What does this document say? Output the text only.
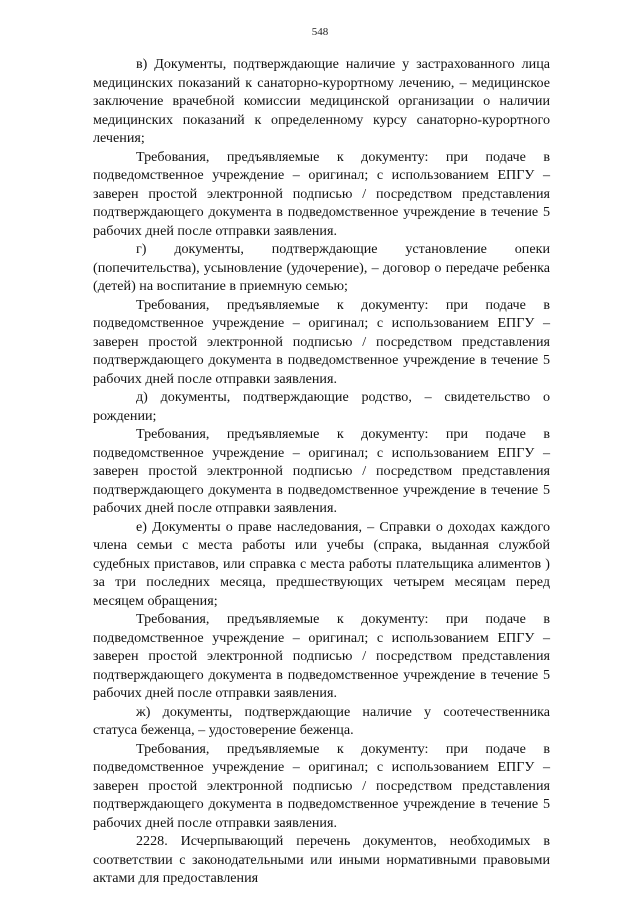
548

в) Документы, подтверждающие наличие у застрахованного лица медицинских показаний к санаторно-курортному лечению, – медицинское заключение врачебной комиссии медицинской организации о наличии медицинских показаний к определенному курсу санаторно-курортного лечения;

Требования, предъявляемые к документу: при подаче в подведомственное учреждение – оригинал; с использованием ЕПГУ – заверен простой электронной подписью / посредством представления подтверждающего документа в подведомственное учреждение в течение 5 рабочих дней после отправки заявления.

г) документы, подтверждающие установление опеки (попечительства), усыновление (удочерение), – договор о передаче ребенка (детей) на воспитание в приемную семью;

Требования, предъявляемые к документу: при подаче в подведомственное учреждение – оригинал; с использованием ЕПГУ – заверен простой электронной подписью / посредством представления подтверждающего документа в подведомственное учреждение в течение 5 рабочих дней после отправки заявления.

д) документы, подтверждающие родство, – свидетельство о рождении;

Требования, предъявляемые к документу: при подаче в подведомственное учреждение – оригинал; с использованием ЕПГУ – заверен простой электронной подписью / посредством представления подтверждающего документа в подведомственное учреждение в течение 5 рабочих дней после отправки заявления.

е) Документы о праве наследования, – Справки о доходах каждого члена семьи с места работы или учебы (спрака, выданная службой судебных приставов, или справка с места работы плательщика алиментов ) за три последних месяца, предшествующих четырем месяцам перед месяцем обращения;

Требования, предъявляемые к документу: при подаче в подведомственное учреждение – оригинал; с использованием ЕПГУ – заверен простой электронной подписью / посредством представления подтверждающего документа в подведомственное учреждение в течение 5 рабочих дней после отправки заявления.

ж) документы, подтверждающие наличие у соотечественника статуса беженца, – удостоверение беженца.

Требования, предъявляемые к документу: при подаче в подведомственное учреждение – оригинал; с использованием ЕПГУ – заверен простой электронной подписью / посредством представления подтверждающего документа в подведомственное учреждение в течение 5 рабочих дней после отправки заявления.

2228. Исчерпывающий перечень документов, необходимых в соответствии с законодательными или иными нормативными правовыми актами для предоставления
